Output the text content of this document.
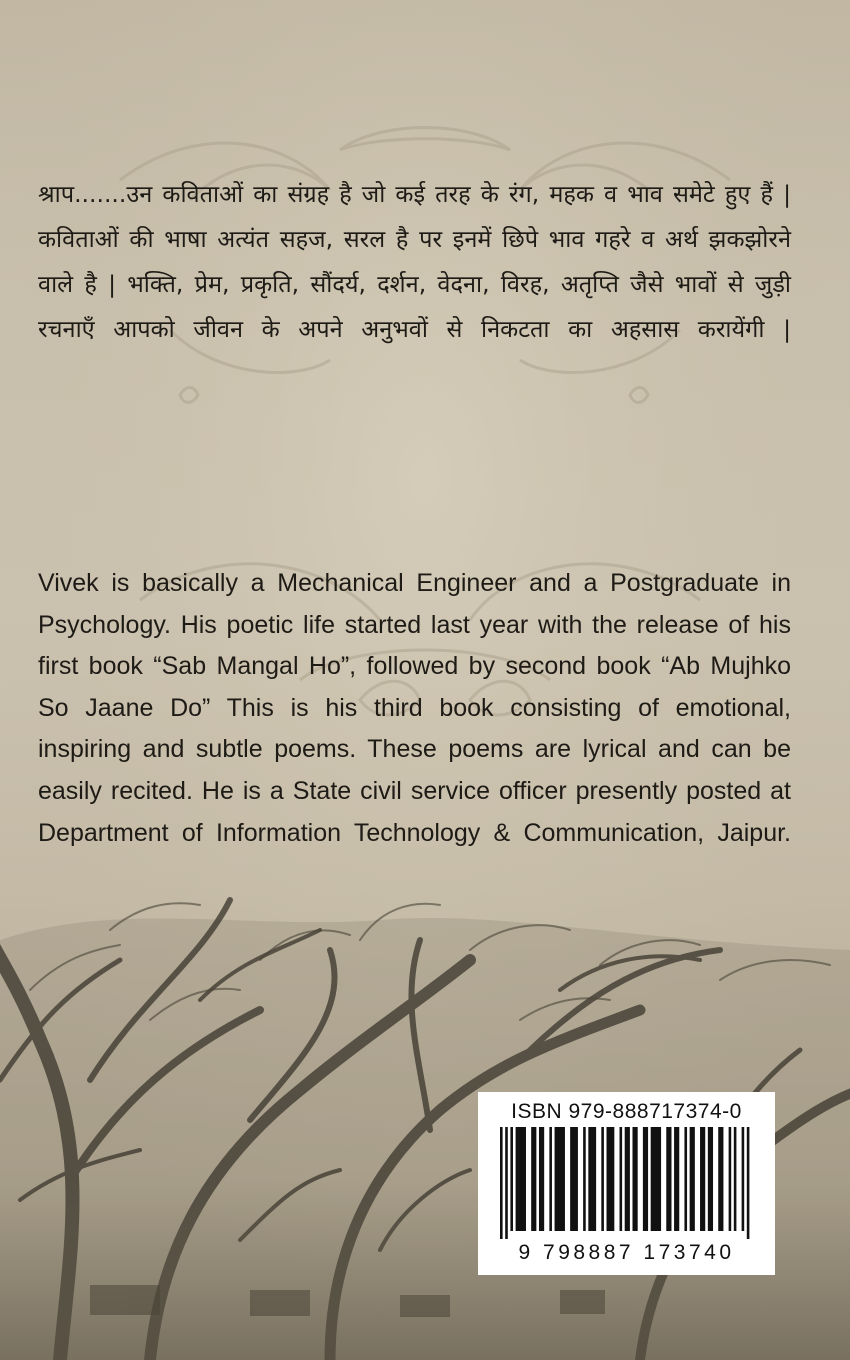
श्राप.......उन कविताओं का संग्रह है जो कई तरह के रंग, महक व भाव समेटे हुए हैं | कविताओं की भाषा अत्यंत सहज, सरल है पर इनमें छिपे भाव गहरे व अर्थ झकझोरने वाले है | भक्ति, प्रेम, प्रकृति, सौंदर्य, दर्शन, वेदना, विरह, अतृप्ति जैसे भावों से जुड़ी रचनाएँ आपको जीवन के अपने अनुभवों से निकटता का अहसास करायेंगी |
Vivek is basically a Mechanical Engineer and a Postgraduate in Psychology. His poetic life started last year with the release of his first book “Sab Mangal Ho”, followed by second book “Ab Mujhko So Jaane Do” This is his third book consisting of emotional, inspiring and subtle poems. These poems are lyrical and can be easily recited. He is a State civil service officer presently posted at Department of Information Technology & Communication, Jaipur.
ISBN 979-888717374-0
9 798887 173740
